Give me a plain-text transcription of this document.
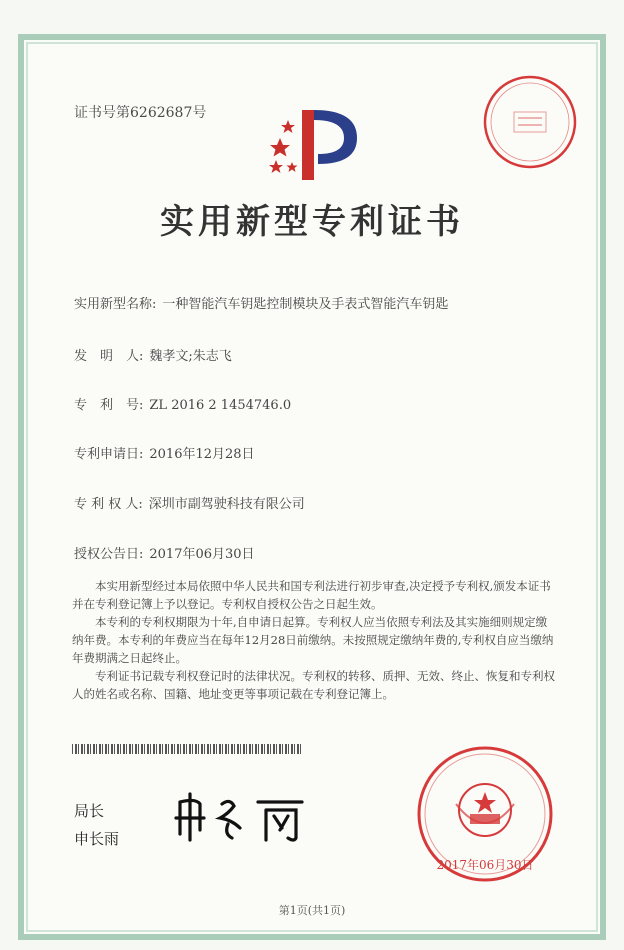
证书号第6262687号
实用新型专利证书
实用新型名称: 一种智能汽车钥匙控制模块及手表式智能汽车钥匙
发　明　人: 魏孝文;朱志飞
专　利　号: ZL 2016 2 1454746.0
专利申请日: 2016年12月28日
专 利 权 人: 深圳市副驾驶科技有限公司
授权公告日: 2017年06月30日
本实用新型经过本局依照中华人民共和国专利法进行初步审查,决定授予专利权,颁发本证书并在专利登记簿上予以登记。专利权自授权公告之日起生效。
本专利的专利权期限为十年,自申请日起算。专利权人应当依照专利法及其实施细则规定缴纳年费。本专利的年费应当在每年12月28日前缴纳。未按照规定缴纳年费的,专利权自应当缴纳年费期满之日起终止。
专利证书记载专利权登记时的法律状况。专利权的转移、质押、无效、终止、恢复和专利权人的姓名或名称、国籍、地址变更等事项记载在专利登记簿上。
局长
申长雨
2017年06月30日
第1页(共1页)
